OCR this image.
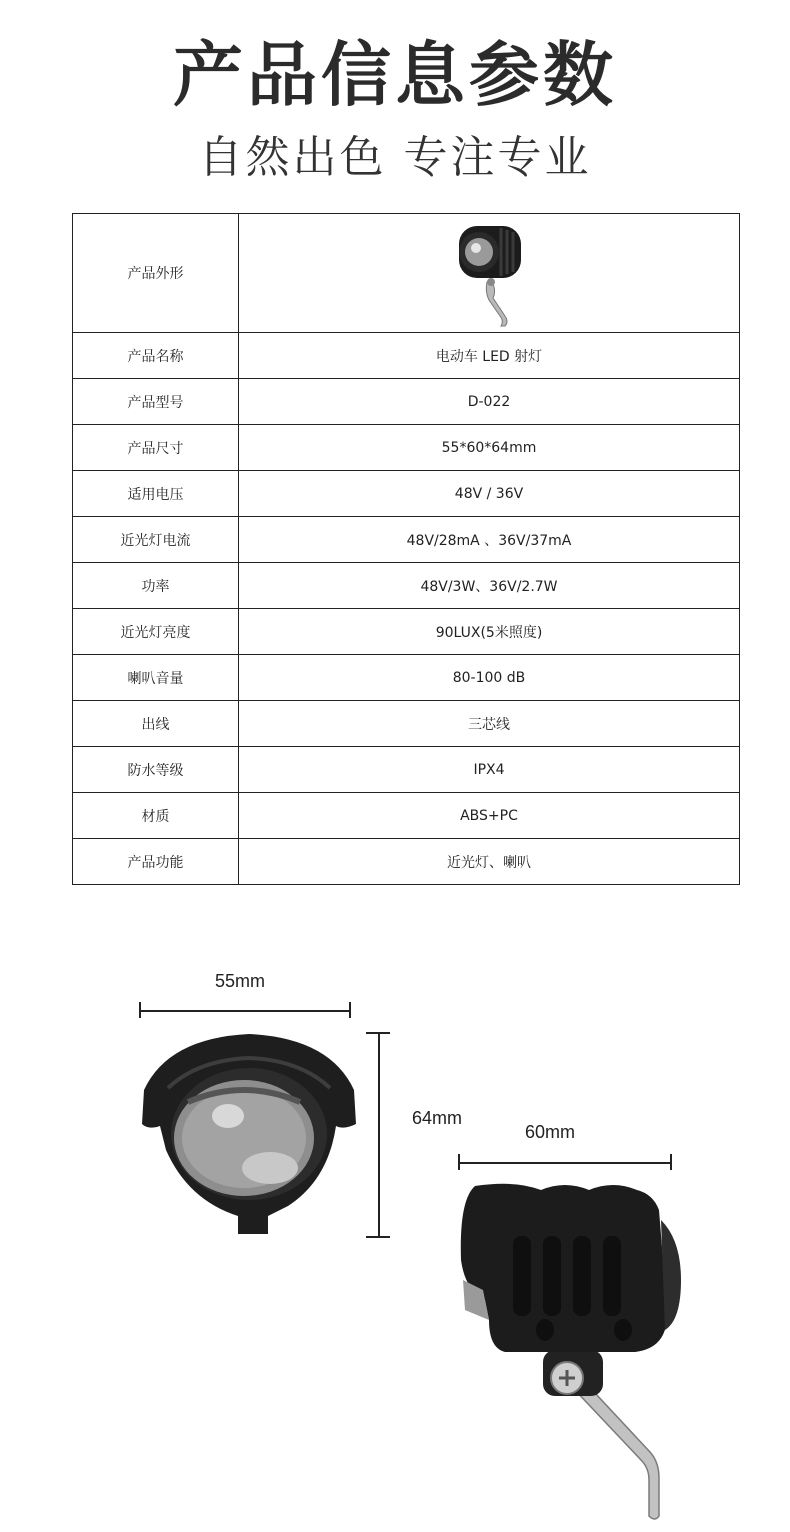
产品信息参数
自然出色 专注专业
产品外形	

产品名称	电动车 LED 射灯
产品型号	D-022
产品尺寸	55*60*64mm
适用电压	48V / 36V
近光灯电流	48V/28mA 、36V/37mA
功率	48V/3W、36V/2.7W
近光灯亮度	90LUX(5米照度)
喇叭音量	80-100 dB
出线	三芯线
防水等级	IPX4
材质	ABS+PC
产品功能	近光灯、喇叭
55mm
64mm
60mm
